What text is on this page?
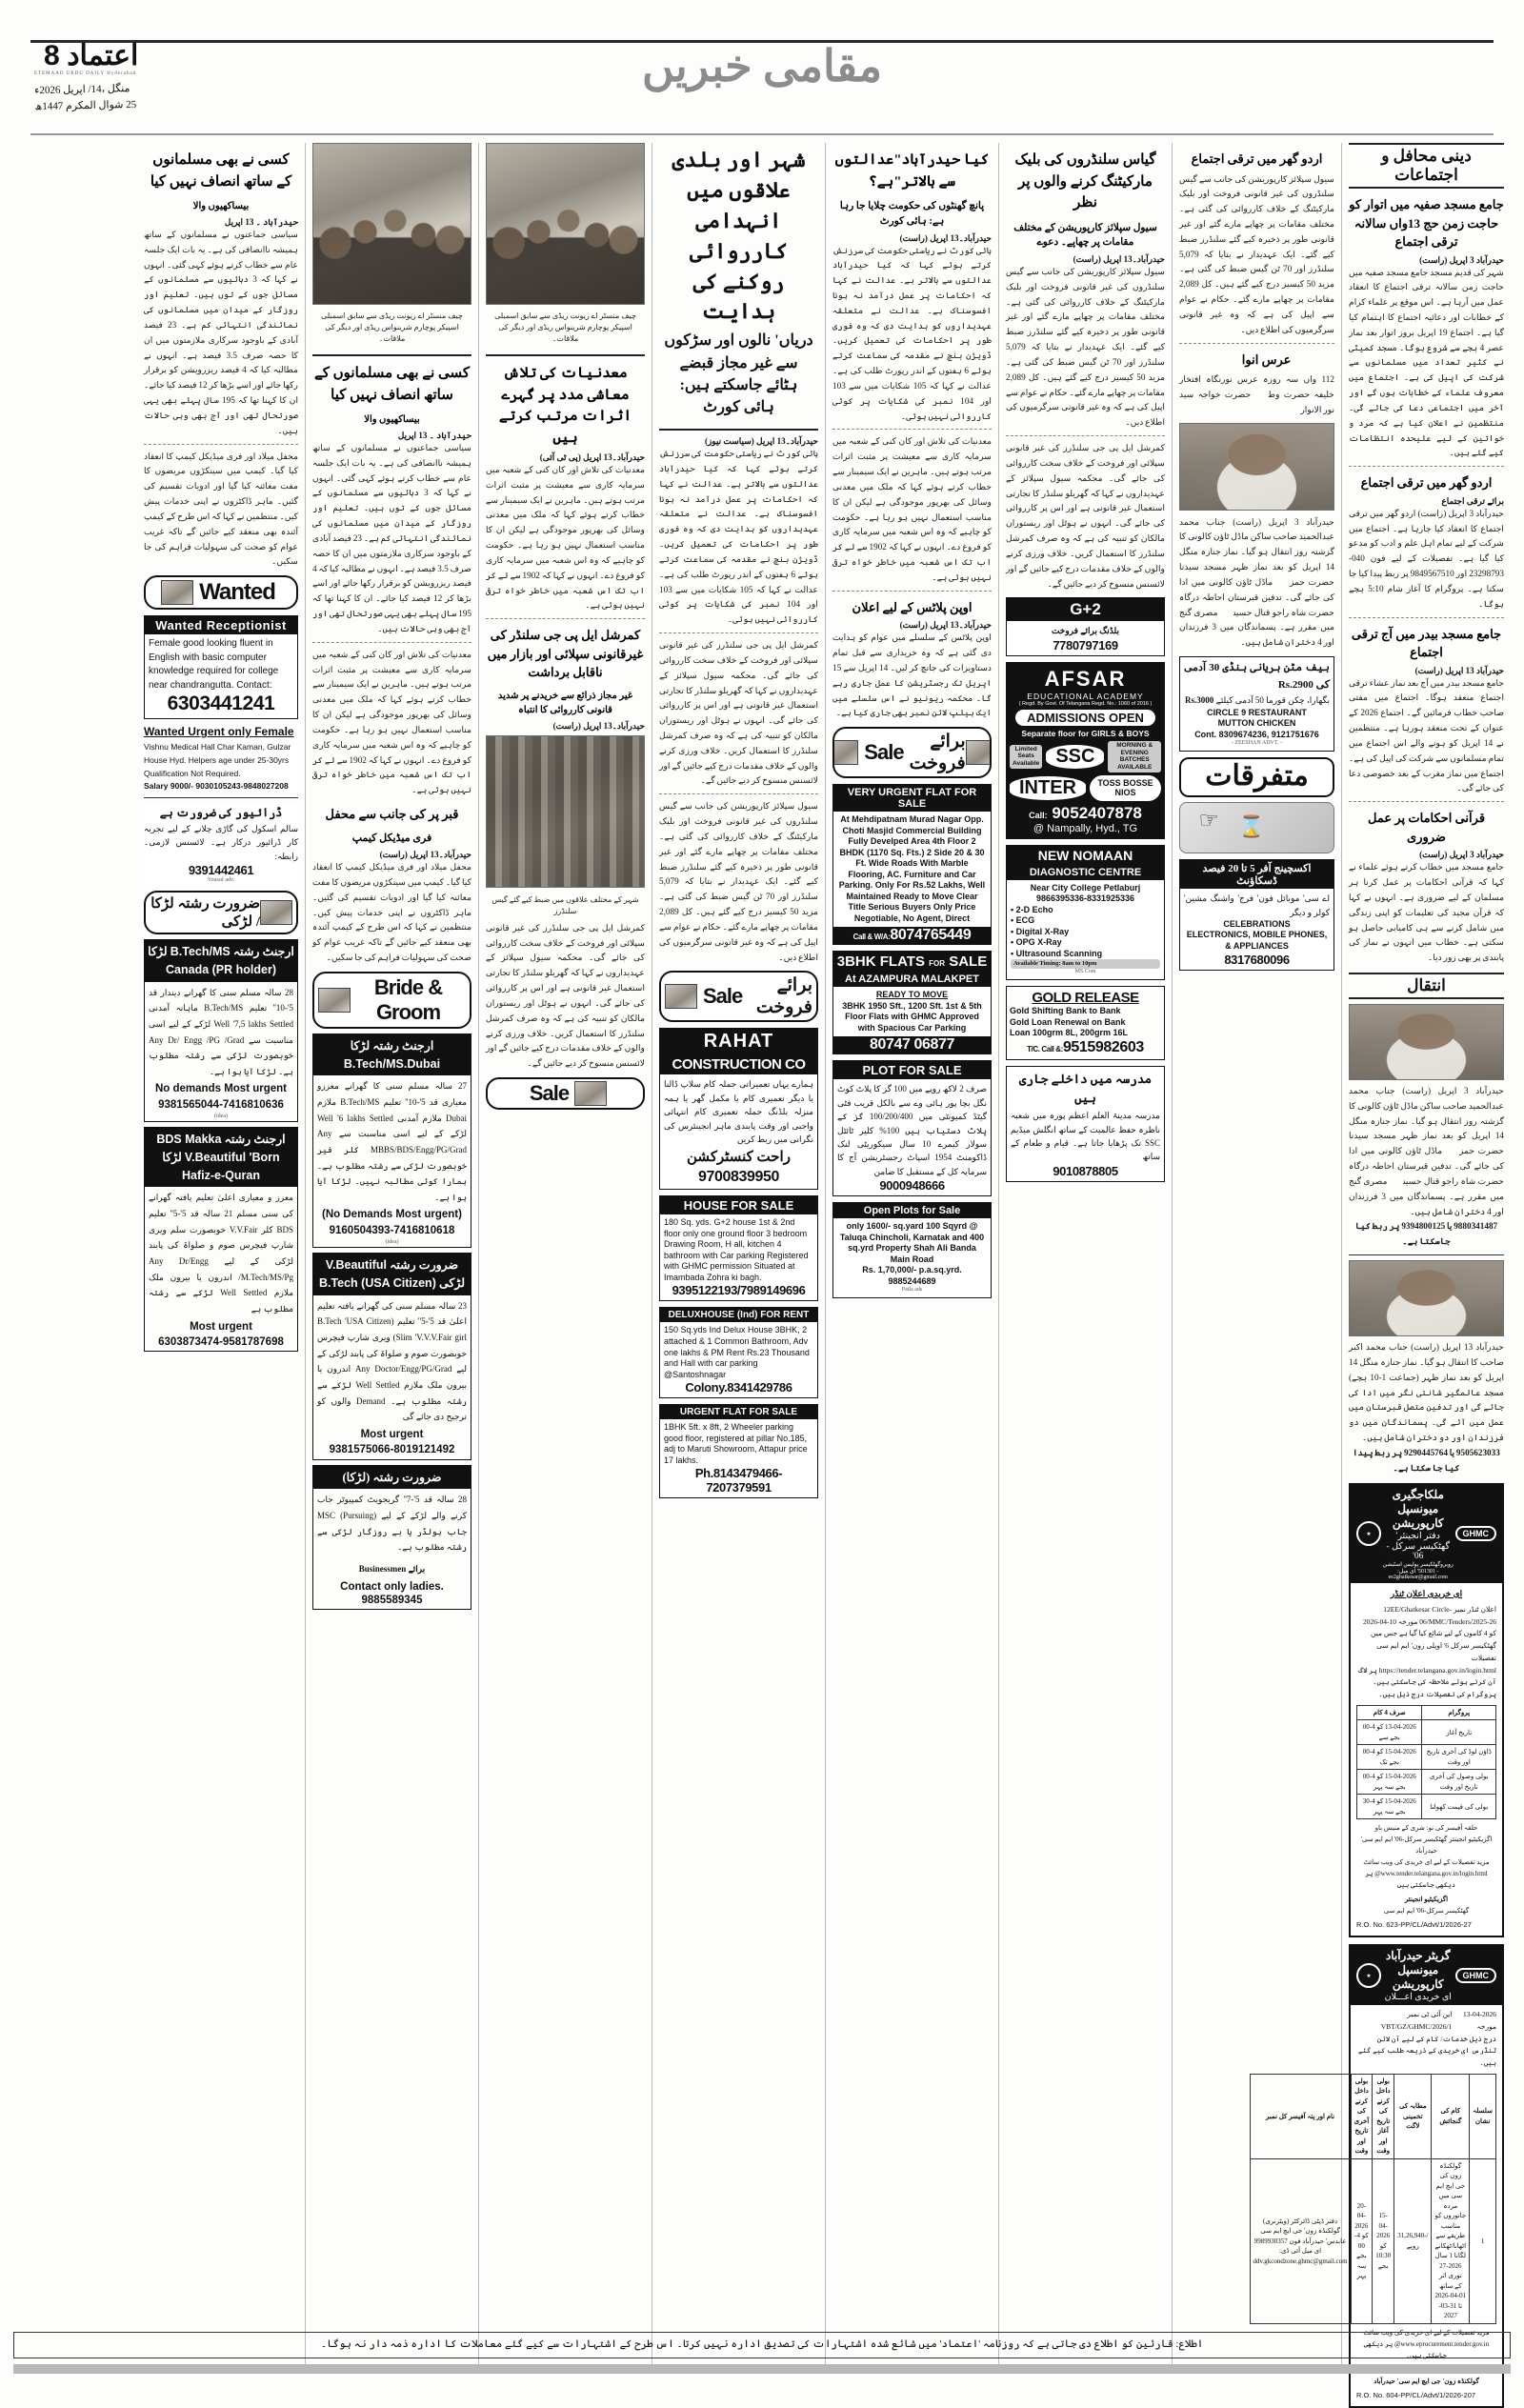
اعتماد 8
ETEMAAD URDU DAILY Hyderabad
منگل ،14/ اپریل 2026ء
25 شوال المکرم 1447ھ
مقامی خبریں
دینی محافل و اجتماعات
جامع مسجد صفیہ میں اتوار کو حاجت زمن حج 13واں سالانہ ترقی اجتماع
حیدرآباد 3 اپریل (راست)
شہر کی قدیم مسجد جامع مسجد صفیہ میں حاجت زمن سالانہ ترقی اجتماع کا انعقاد عمل میں آرہا ہے۔ اس موقع پر علماء کرام کے خطابات اور دعائیہ اجتماع کا اہتمام کیا گیا ہے۔ اجتماع 19 اپریل بروز اتوار بعد نماز عصر 4 بجے سے شروع ہوگا۔ مسجد کمیٹی نے کثیر تعداد میں مسلمانوں سے شرکت کی اپیل کی ہے۔ اجتماع میں معروف علماء کے خطابات ہوں گے اور آخر میں اجتماعی دعا کی جائے گی۔ منتظمین نے اعلان کیا ہے کہ مرد و خواتین کے لیے علیحدہ انتظامات کیے گئے ہیں۔
اردو گھر میں ترقی اجتماع
برائے ترقی اجتماع
حیدرآباد 3 اپریل (راست) اردو گھر میں ترقی اجتماع کا انعقاد کیا جارہا ہے۔ اجتماع میں شرکت کے لیے تمام اہل علم و ادب کو مدعو کیا گیا ہے۔ تفصیلات کے لیے فون 040-23298793 اور 9849567510 پر ربط پیدا کیا جا سکتا ہے۔ پروگرام کا آغاز شام 5:10 بجے ہوگا۔
جامع مسجد بیدر میں آج ترقی اجتماع
حیدرآباد 13 اپریل (راست)
جامع مسجد بیدر میں آج بعد نماز عشاء ترقی اجتماع منعقد ہوگا۔ اجتماع میں مفتی صاحب خطاب فرمائیں گے۔ اجتماع 2026 کے عنوان کے تحت منعقد ہورہا ہے۔ منتظمین نے 14 اپریل کو ہونے والے اس اجتماع میں تمام مسلمانوں سے شرکت کی اپیل کی ہے۔ اجتماع میں نماز مغرب کے بعد خصوصی دعا کی جائے گی۔
قرآنی احکامات پر عمل ضروری
حیدرآباد 3 اپریل (راست)
جامع مسجد میں خطاب کرتے ہوئے علماء نے کہا کہ قرآنی احکامات پر عمل کرنا ہر مسلمان کے لیے ضروری ہے۔ انہوں نے کہا کہ قرآن مجید کی تعلیمات کو اپنی زندگی میں شامل کرنے سے ہی کامیابی حاصل ہو سکتی ہے۔ خطاب میں انہوں نے نماز کی پابندی پر بھی زور دیا۔
انتقال
حیدرآباد 3 اپریل (راست) جناب محمد عبدالحمید صاحب ساکن ماڈل ٹاؤن کالونی کا گزشتہ روز انتقال ہو گیا۔ نماز جنازہ منگل 14 اپریل کو بعد نماز ظہر مسجد سیدنا حضرت حمزہؓ ماڈل ٹاؤن کالونی میں ادا کی جائے گی۔ تدفین قبرستان احاطہ درگاہ حضرت شاہ راجو قتال حسینیؒ مصری گنج میں مقرر ہے۔ پسماندگان میں 3 فرزندان اور 4 دختران شامل ہیں۔
9880341487 یا 9394800125 پر ربط کیا جاسکتا ہے۔
حیدرآباد 13 اپریل (راست) جناب محمد اکبر صاحب کا انتقال ہو گیا۔ نماز جنازہ منگل 14 اپریل کو بعد نماز ظہر (جماعت 1-10 بجے) مسجد عالمگیر شانتی نگر میں ادا کی جائے گی اور تدفین متصل قبرستان میں عمل میں آئے گی۔ پسماندگان میں دو فرزندان اور دو دختران شامل ہیں۔
9505623033 یا 9290445764 پر ربط پیدا کیا جا سکتا ہے۔
★
ملکاجگیری میونسپل کارپوریشن
دفتر انجینئر' گھٹکیسر سرکل - 06'
روبروگھٹکیسر پولیس اسٹیشن - 501301' ای میل: ee2ghatkesar@gmail.com
GHMC
ای خریدی اعلان ٹنڈر
اعلان ٹنڈر نمبر 12EE/Ghatkesar Circle-06/MMC/Tenders/2025-26 مورخہ 10-04-2026 کو 4 کاموں کے لیے شائع کیا گیا ہے جس میں گھٹکیسر سرکل 6' اوپلی زون' ایم ایم سی تفصیلات https://tender.telangana.gov.in/login.html پر لاگ آن کرتے ہوئے ملاحظہ کی جاسکتی ہیں۔ پروگرام کی تفصیلات درج ذیل ہیں۔
پروگرام	صرف 4 کام
تاریخ آغاز	13-04-2026 کو 4-00 بجے سے
ڈاؤن لوڈ کی آخری تاریخ اور وقت	15-04-2026 کو 4-00 بجے تک
بولی وصول کی آخری تاریخ اور وقت	15-04-2026 کو 4-00 بجے سہ پہر
بولی کی قیمت کھولنا	15-04-2026 کو 4-30 بجے سہ پہر
حلقہ آفیسر کی نو: شری کے منیش باو
اگزیکیٹیو انجینئر گھٹکیسر سرکل-06' ایم ایم سی' حیدرآباد
مزید تفصیلات کے لیے ای خریدی کی ویب سائٹ www.tender.telangana.gov.in/login.html@ پر دیکھی جاسکتی ہیں
اگزیکیٹیو انجینئر
گھٹکیسر سرکل-06' ایم ایم سی
R.O. No. 623-PP/CL/Advt/1/2026-27
★
گریٹر حیدرآباد میونسپل کارپوریشن
ای خریدی اعـــلان
GHMC
13-04-2026 مورخہ
این آئی ٹی نمبر 1/VBT/GZ/GHMC/2026
درج ذیل خدمات/ کام کے لیے آن لائن ٹنڈرس ای خریدی کے ذریعہ طلب کیے گئے ہیں۔
سلسلہ نشان	کام کی گنجائش	مطابہ کی تخمینی لاگت	بولی داخل کرنے کی تاریخ آغاز اور وقت	بولی داخل کرنے کی آخری تاریخ اور وقت	نام اور پتہ آفیسر کل نمبر
1	گولکنڈہ زون کی جی ایچ ایم سی میں مردہ جانوروں کو مناسب طریقے سے اٹھانا/ٹھکانے لگانا 1 سال 2026-27 نوری اثر کے ساتھ 01-04-2026 تا 31-03-2027	/-31,26,940 روپے	15-04-2026 کو 10:30 بجے	20-04-2026 کو 4-00 بجے سہ پہر	دفتر ڈپٹی ڈائرکٹر (ویٹرنری) گولکنڈہ زون' جی ایچ ایم سی عابدس' حیدرآباد فون 9989930357 ای میل آئی ڈی: ddv.gkcondzone.ghmc@gmail.com
مزید تفصیلات کے لیے ای خریدی کی ویب سائٹ www.eprocurement.tender.gov.in@ پر دیکھی جاسکتی ہیں۔
گولکنڈہ زون' جی ایچ ایم سی' حیدرآباد
R.O. No. 604-PP/CL/Advt/1/2026-207
اردو گھر میں ترقی اجتماع
سیول سپلائز کارپوریشن کی جانب سے گیس سلنڈروں کی غیر قانونی فروخت اور بلیک مارکیٹنگ کے خلاف کارروائی کی گئی ہے۔ مختلف مقامات پر چھاپے مارے گئے اور غیر قانونی طور پر ذخیرہ کیے گئے سلنڈرز ضبط کیے گئے۔ ایک عہدیدار نے بتایا کہ 5,079 سلنڈرز اور 70 ٹن گیس ضبط کی گئی ہے۔ مزید 50 کیسیز درج کیے گئے ہیں۔ کل 2,089 مقامات پر چھاپے مارے گئے۔ حکام نے عوام سے اپیل کی ہے کہ وہ غیر قانونی سرگرمیوں کی اطلاع دیں۔
عرس انوارؓ
112 واں سہ روزہ عرس نورنگاہ افتخار خلیفہ حضرت وطنؒ حضرت خواجہ سید نور الانوار
حیدرآباد 3 اپریل (راست) جناب محمد عبدالحمید صاحب ساکن ماڈل ٹاؤن کالونی کا گزشتہ روز انتقال ہو گیا۔ نماز جنازہ منگل 14 اپریل کو بعد نماز ظہر مسجد سیدنا حضرت حمزہؓ ماڈل ٹاؤن کالونی میں ادا کی جائے گی۔ تدفین قبرستان احاطہ درگاہ حضرت شاہ راجو قتال حسینیؒ مصری گنج میں مقرر ہے۔ پسماندگان میں 3 فرزندان اور 4 دختران شامل ہیں۔
بیف مٹن بریانی ہنڈی 30 آدمی کی Rs.2900
بگھارا، چکن قورما 50 آدمی کیلئے Rs.3000
CIRCLE 9 RESTAURANT
MUTTON CHICKEN
Cont. 8309674236, 9121751676
- ZEESHAN ADVT. -
متفرقات
☞ ⌛
اکسچینج آفر 5 تا 20 فیصد ڈسکاؤنٹ
اے سی' موبائل فون' فرج' واشنگ مشین' کولر و دیگر
CELEBRATIONS
ELECTRONICS, MOBILE PHONES, & APPLIANCES
8317680096
گیاس سلنڈروں کی بلیک مارکیٹنگ کرنے والوں پر نظر
سیول سپلائز کارپوریشن کے مختلف مقامات پر چھاپے۔ دعوے
حیدرآباد۔13 اپریل (راست)
سیول سپلائز کارپوریشن کی جانب سے گیس سلنڈروں کی غیر قانونی فروخت اور بلیک مارکیٹنگ کے خلاف کارروائی کی گئی ہے۔ مختلف مقامات پر چھاپے مارے گئے اور غیر قانونی طور پر ذخیرہ کیے گئے سلنڈرز ضبط کیے گئے۔ ایک عہدیدار نے بتایا کہ 5,079 سلنڈرز اور 70 ٹن گیس ضبط کی گئی ہے۔ مزید 50 کیسیز درج کیے گئے ہیں۔ کل 2,089 مقامات پر چھاپے مارے گئے۔ حکام نے عوام سے اپیل کی ہے کہ وہ غیر قانونی سرگرمیوں کی اطلاع دیں۔
کمرشل ایل پی جی سلنڈرز کی غیر قانونی سپلائی اور فروخت کے خلاف سخت کارروائی کی جائے گی۔ محکمہ سیول سپلائز کے عہدیداروں نے کہا کہ گھریلو سلنڈر کا تجارتی استعمال غیر قانونی ہے اور اس پر کارروائی کی جائے گی۔ انہوں نے ہوٹل اور ریستوران مالکان کو تنبیہ کی ہے کہ وہ صرف کمرشل سلنڈرز کا استعمال کریں۔ خلاف ورزی کرنے والوں کے خلاف مقدمات درج کیے جائیں گے اور لائسنس منسوخ کر دیے جائیں گے۔
G+2
بلڈنگ برائے فروخت
7780797169
AFSAR
EDUCATIONAL ACADEMY
( Regd. By Govt. Of Telangana Regd. No.: 1060 of 2016 )
ADMISSIONS OPEN
Separate floor for GIRLS & BOYS
Limited Seats Available SSC
MORNING & EVENING BATCHES AVAILABLE
INTER	TOSS BOSSE NIOS
Call: 9052407878
@ Nampally, Hyd., TG
NEW NOMAAN
DIAGNOSTIC CENTRE
Near City College Petlaburj
9866395336-8331925336
• 2-D Echo
• ECG
• Digital X-Ray
• OPG X-Ray
• Ultrasound Scanning
Available Timing: 8am to 10pm
MS.Com
GOLD RELEASE
Gold Shifting Bank to Bank
Gold Loan Renewal on Bank
Loan 100grm 8L, 200grm 16L
T/C. Call &:9515982603
مدرسہ میں داخلے جاری ہیں
مدرسہ مدینۃ العلم اعظم پورہ میں شعبہ ناظرہ حفظ عالمیت کے ساتھ انگلش میڈیم SSC تک پڑھایا جاتا ہے۔ قیام و طعام کے ساتھ
9010878805
کیا حیدرآباد"عدالتوں سے بالاتر"ہے؟
پانچ گھنٹوں کی حکومت چلایا جا رہا ہے: ہائی کورٹ
حیدرآباد۔13 اپریل (راست)
ہائی کورٹ نے ریاستی حکومت کی سرزنش کرتے ہوئے کہا کہ کیا حیدرآباد عدالتوں سے بالاتر ہے۔ عدالت نے کہا کہ احکامات پر عمل درآمد نہ ہونا افسوسناک ہے۔ عدالت نے متعلقہ عہدیداروں کو ہدایت دی کہ وہ فوری طور پر احکامات کی تعمیل کریں۔ ڈویژن بنچ نے مقدمہ کی سماعت کرتے ہوئے 6 ہفتوں کے اندر رپورٹ طلب کی ہے۔ عدالت نے کہا کہ 105 شکایات میں سے 103 اور 104 نمبر کی شکایات پر کوئی کارروائی نہیں ہوئی۔
معدنیات کی تلاش اور کان کنی کے شعبہ میں سرمایہ کاری سے معیشت پر مثبت اثرات مرتب ہوتے ہیں۔ ماہرین نے ایک سیمینار سے خطاب کرتے ہوئے کہا کہ ملک میں معدنی وسائل کی بھرپور موجودگی ہے لیکن ان کا مناسب استعمال نہیں ہو رہا ہے۔ حکومت کو چاہیے کہ وہ اس شعبہ میں سرمایہ کاری کو فروغ دے۔ انہوں نے کہا کہ 1902 سے لے کر اب تک اس شعبہ میں خاطر خواہ ترقی نہیں ہوئی ہے۔
اوپن پلاٹس کے لیے اعلان
حیدرآباد۔13 اپریل (راست)
اوپن پلاٹس کے سلسلے میں عوام کو ہدایت دی گئی ہے کہ وہ خریداری سے قبل تمام دستاویزات کی جانچ کر لیں۔ 14 اپریل سے 15 اپریل تک رجسٹریشن کا عمل جاری رہے گا۔ محکمہ ریونیو نے اس سلسلے میں ایک ہیلپ لائن نمبر بھی جاری کیا ہے۔
Sale	برائے فروخت
VERY URGENT FLAT FOR SALE
At Mehdipatnam Murad Nagar Opp. Choti Masjid Commercial Building Fully Develped Area 4th Floor 2 BHDK (1170 Sq. Fts.) 2 Side 20 & 30 Ft. Wide Roads With Marble Flooring, AC. Furniture and Car Parking. Only For Rs.52 Lakhs, Well Maintained Ready to Move Clear Title Serious Buyers Only Price Negotiable, No Agent, Direct
Call & W/A:8074765449
3BHK FLATS FOR SALE
At AZAMPURA MALAKPET
READY TO MOVE
3BHK 1950 Sft., 1200 Sft. 1st & 5th Floor Flats with GHMC Approved with Spacious Car Parking
80747 06877
PLOT FOR SALE
صرف 2 لاکھ روپے میں 100 گز کا پلاٹ کوٹ نگل بچا پور ہائی وے سے بالکل قریب فٹی گیٹڈ کمیونٹی میں 100/200/400 گز کے پلاٹ دستیاب ہیں 100% کلیر ٹائٹل سولار کیمرے 10 سال سیکوریٹی لنک ڈاکومنٹ 1954 اسپاٹ رجسٹریشن آج کا سرمایہ کل کے مستقبل کا ضامن
9000948666
Open Plots for Sale
only 1600/- sq.yard 100 Sqyrd @ Taluqa Chincholi, Karnatak and 400 sq.yrd Property Shah Ali Banda Main Road
Rs. 1,70,000/- p.a.sq.yrd. 9885244689
Patla ads
شہر اور بلدی علاقوں میں انہدامی کارروائی روکنے کی ہدایت
دریاں' نالوں اور سڑکوں سے غیر مجاز قبضے ہٹائے جاسکتے ہیں: ہائی کورٹ
حیدرآباد۔13 اپریل (سیاست نیوز)
ہائی کورٹ نے ریاستی حکومت کی سرزنش کرتے ہوئے کہا کہ کیا حیدرآباد عدالتوں سے بالاتر ہے۔ عدالت نے کہا کہ احکامات پر عمل درآمد نہ ہونا افسوسناک ہے۔ عدالت نے متعلقہ عہدیداروں کو ہدایت دی کہ وہ فوری طور پر احکامات کی تعمیل کریں۔ ڈویژن بنچ نے مقدمہ کی سماعت کرتے ہوئے 6 ہفتوں کے اندر رپورٹ طلب کی ہے۔ عدالت نے کہا کہ 105 شکایات میں سے 103 اور 104 نمبر کی شکایات پر کوئی کارروائی نہیں ہوئی۔
کمرشل ایل پی جی سلنڈرز کی غیر قانونی سپلائی اور فروخت کے خلاف سخت کارروائی کی جائے گی۔ محکمہ سیول سپلائز کے عہدیداروں نے کہا کہ گھریلو سلنڈر کا تجارتی استعمال غیر قانونی ہے اور اس پر کارروائی کی جائے گی۔ انہوں نے ہوٹل اور ریستوران مالکان کو تنبیہ کی ہے کہ وہ صرف کمرشل سلنڈرز کا استعمال کریں۔ خلاف ورزی کرنے والوں کے خلاف مقدمات درج کیے جائیں گے اور لائسنس منسوخ کر دیے جائیں گے۔
سیول سپلائز کارپوریشن کی جانب سے گیس سلنڈروں کی غیر قانونی فروخت اور بلیک مارکیٹنگ کے خلاف کارروائی کی گئی ہے۔ مختلف مقامات پر چھاپے مارے گئے اور غیر قانونی طور پر ذخیرہ کیے گئے سلنڈرز ضبط کیے گئے۔ ایک عہدیدار نے بتایا کہ 5,079 سلنڈرز اور 70 ٹن گیس ضبط کی گئی ہے۔ مزید 50 کیسیز درج کیے گئے ہیں۔ کل 2,089 مقامات پر چھاپے مارے گئے۔ حکام نے عوام سے اپیل کی ہے کہ وہ غیر قانونی سرگرمیوں کی اطلاع دیں۔
Sale	برائے فروخت
RAHAT
CONSTRUCTION CO
ہمارے یہاں تعمیراتی جملہ کام سلاپ ڈالنا یا دیگر تعمیری کام یا مکمل گھر یا ہمہ منزلہ بلڈنگ جملہ تعمیری کام انتہائی واجبی اور وقت پابندی ماہر انجینئرس کی نگرانی میں ربط کریں
راحت کنسٹرکشن
9700839950
HOUSE FOR SALE
180 Sq. yds. G+2 house 1st & 2nd floor only one ground floor 3 bedroom Drawing Room, H all, kitchen 4 bathroom with Car parking Registered with GHMC permission Situated at Imambada Zohra ki bagh.
9395122193/7989149696
DELUXHOUSE (Ind) FOR RENT
150 Sq.yds Ind Delux House 3BHK, 2 attached & 1 Common Bathroom, Adv one lakhs & PM Rent Rs.23 Thousand and Hall with car parking @Santoshnagar
Colony.8341429786
URGENT FLAT FOR SALE
1BHK 5ft. x 8ft, 2 Wheeler parking good floor, registered at pillar No.185, adj to Maruti Showroom, Attapur price 17 lakhs.
Ph.8143479466-7207379591
چیف منسٹر اے ریونت ریڈی سے سابق اسمبلی اسپیکر پوچارم شرینواس ریڈی اور دیگر کی ملاقات۔
معدنیات کی تلاش معاشی مدد پر گہرے اثرات مرتب کرتے ہیں
حیدرآباد۔13 اپریل (پی ٹی آئی)
معدنیات کی تلاش اور کان کنی کے شعبہ میں سرمایہ کاری سے معیشت پر مثبت اثرات مرتب ہوتے ہیں۔ ماہرین نے ایک سیمینار سے خطاب کرتے ہوئے کہا کہ ملک میں معدنی وسائل کی بھرپور موجودگی ہے لیکن ان کا مناسب استعمال نہیں ہو رہا ہے۔ حکومت کو چاہیے کہ وہ اس شعبہ میں سرمایہ کاری کو فروغ دے۔ انہوں نے کہا کہ 1902 سے لے کر اب تک اس شعبہ میں خاطر خواہ ترقی نہیں ہوئی ہے۔
کمرشل ایل پی جی سلنڈر کی غیرقانونی سپلائی اور بازار میں ناقابل برداشت
غیر مجاز ذرائع سے خریدنے پر شدید قانونی کارروائی کا انتباہ
حیدرآباد۔13 اپریل (راست)
شہر کے مختلف علاقوں میں ضبط کیے گئے گیس سلنڈرز
کمرشل ایل پی جی سلنڈرز کی غیر قانونی سپلائی اور فروخت کے خلاف سخت کارروائی کی جائے گی۔ محکمہ سیول سپلائز کے عہدیداروں نے کہا کہ گھریلو سلنڈر کا تجارتی استعمال غیر قانونی ہے اور اس پر کارروائی کی جائے گی۔ انہوں نے ہوٹل اور ریستوران مالکان کو تنبیہ کی ہے کہ وہ صرف کمرشل سلنڈرز کا استعمال کریں۔ خلاف ورزی کرنے والوں کے خلاف مقدمات درج کیے جائیں گے اور لائسنس منسوخ کر دیے جائیں گے۔
Sale
چیف منسٹر اے ریونت ریڈی سے سابق اسمبلی اسپیکر پوچارم شرینواس ریڈی اور دیگر کی ملاقات۔
کسی نے بھی مسلمانوں کے ساتھ انصاف نہیں کیا
بیساکھیوں والا
حیدرآباد ۔ 13 اپریل
سیاسی جماعتوں نے مسلمانوں کے ساتھ ہمیشہ ناانصافی کی ہے۔ یہ بات ایک جلسہ عام سے خطاب کرتے ہوئے کہی گئی۔ انہوں نے کہا کہ 3 دہائیوں سے مسلمانوں کے مسائل جوں کے توں ہیں۔ تعلیم اور روزگار کے میدان میں مسلمانوں کی نمائندگی انتہائی کم ہے۔ 23 فیصد آبادی کے باوجود سرکاری ملازمتوں میں ان کا حصہ صرف 3.5 فیصد ہے۔ انہوں نے مطالبہ کیا کہ 4 فیصد ریزرویشن کو برقرار رکھا جائے اور اسے بڑھا کر 12 فیصد کیا جائے۔ ان کا کہنا تھا کہ 195 سال پہلے بھی یہی صورتحال تھی اور آج بھی وہی حالات ہیں۔
معدنیات کی تلاش اور کان کنی کے شعبہ میں سرمایہ کاری سے معیشت پر مثبت اثرات مرتب ہوتے ہیں۔ ماہرین نے ایک سیمینار سے خطاب کرتے ہوئے کہا کہ ملک میں معدنی وسائل کی بھرپور موجودگی ہے لیکن ان کا مناسب استعمال نہیں ہو رہا ہے۔ حکومت کو چاہیے کہ وہ اس شعبہ میں سرمایہ کاری کو فروغ دے۔ انہوں نے کہا کہ 1902 سے لے کر اب تک اس شعبہ میں خاطر خواہ ترقی نہیں ہوئی ہے۔
قبر پر کی جانب سے محفل
فری میڈیکل کیمپ
حیدرآباد۔13 اپریل (راست)
محفل میلاد اور فری میڈیکل کیمپ کا انعقاد کیا گیا۔ کیمپ میں سینکڑوں مریضوں کا مفت معائنہ کیا گیا اور ادویات تقسیم کی گئیں۔ ماہر ڈاکٹروں نے اپنی خدمات پیش کیں۔ منتظمین نے کہا کہ اس طرح کے کیمپ آئندہ بھی منعقد کیے جائیں گے تاکہ غریب عوام کو صحت کی سہولیات فراہم کی جا سکیں۔
Bride & Groom
ارجنٹ رشتہ لڑکا B.Tech/MS.Dubai
27 سالہ مسلم سنی کا گھرانے معززو معیاری قد 5'-10'' تعلیم B.Tech/MS ملازم Dubai ملازم آمدنی Well '6 lakhs Settled لڑکے کے لیے اسی مناسبت سے Any MBBS/BDS/Engg/PG/Grad کلر فیر خوبصورت لڑکی سے رشتہ مطلوب ہے۔ ہمارا کوئی مطالبہ نہیں۔ لڑکا آیا ہوا ہے۔
(No Demands Most urgent)
9160504393-7416810618
(idea)
ضرورت رشتہ V.Beautiful لڑکی B.Tech (USA Citizen)
23 سالہ مسلم سنی کی گھرانے یافتہ تعلیم اعلیٰ قد 5'-5'' تعلیم B.Tech 'USA Citizen) Slim 'V.V.V.Fair girl) ویری شارپ فیچرس خوبصورت صوم و صلواۃ کی پابند لڑکی کے لیے Any Doctor/Engg/PG/Grad اندرون یا بیرون ملک ملازم Well Settled لڑکے سے رشتہ مطلوب ہے۔ Demand والوں کو ترجیح دی جائے گی
Most urgent
9381575066-8019121492
ضرورت رشتہ (لڑکا)
28 سالہ قد 5'-7'' گریجویٹ کمپیوٹر جاب کرنے والے لڑکے کے لیے MSC (Pursuing) جاب ہولڈر یا بے روزگار لڑکی سے رشتہ مطلوب ہے۔
برائے Businessmen
Contact only ladies. 9885589345
کسی نے بھی مسلمانوں کے ساتھ انصاف نہیں کیا
بیساکھیوں والا
حیدرآباد ۔ 13 اپریل
سیاسی جماعتوں نے مسلمانوں کے ساتھ ہمیشہ ناانصافی کی ہے۔ یہ بات ایک جلسہ عام سے خطاب کرتے ہوئے کہی گئی۔ انہوں نے کہا کہ 3 دہائیوں سے مسلمانوں کے مسائل جوں کے توں ہیں۔ تعلیم اور روزگار کے میدان میں مسلمانوں کی نمائندگی انتہائی کم ہے۔ 23 فیصد آبادی کے باوجود سرکاری ملازمتوں میں ان کا حصہ صرف 3.5 فیصد ہے۔ انہوں نے مطالبہ کیا کہ 4 فیصد ریزرویشن کو برقرار رکھا جائے اور اسے بڑھا کر 12 فیصد کیا جائے۔ ان کا کہنا تھا کہ 195 سال پہلے بھی یہی صورتحال تھی اور آج بھی وہی حالات ہیں۔
محفل میلاد اور فری میڈیکل کیمپ کا انعقاد کیا گیا۔ کیمپ میں سینکڑوں مریضوں کا مفت معائنہ کیا گیا اور ادویات تقسیم کی گئیں۔ ماہر ڈاکٹروں نے اپنی خدمات پیش کیں۔ منتظمین نے کہا کہ اس طرح کے کیمپ آئندہ بھی منعقد کیے جائیں گے تاکہ غریب عوام کو صحت کی سہولیات فراہم کی جا سکیں۔
Wanted
Wanted Receptionist
Female good looking fluent in English with basic computer knowledge required for college near chandrangutta. Contact:
6303441241
Wanted Urgent only Female
Vishnu Medical Hall Char Kaman, Gulzar House Hyd. Helpers age under 25-30yrs Qualification Not Required.
Salary 9000/- 9030105243-9848027208
ڈرائیور کی ضرورت ہے
سالم اسکول کی گاڑی چلانے کے لیے تجربہ کار ڈرائیور درکار ہے۔ لائسنس لازمی۔ رابطہ:
9391442461
Yousuf adv.
ضرورت رشتہ لڑکا / لڑکی
ارجنٹ رشتہ B.Tech/MS لڑکا Canada (PR holder)
28 سالہ مسلم سنی کا گھرانے دیندار قد 5'-10'' تعلیم B.Tech/MS ماہانہ آمدنی Well '7,5 lakhs Settled لڑکے کے لیے اسی مناسبت سے Any Dr/ Engg /PG /Grad خوبصورت لڑکی سے رشتہ مطلوب ہے۔ لڑکا آیا ہوا ہے۔
No demands Most urgent
9381565044-7416810636
(idea)
ارجنٹ رشتہ BDS Makka V.Beautiful 'Born لڑکا Hafiz-e-Quran
معزز و معیاری اعلیٰ تعلیم یافتہ گھرانے کی سنی مسلم 21 سالہ قد 5'-5'' تعلیم BDS کلر V.V.Fair خوبصورت سلم ویری شارپ فیچرس صوم و صلواۃ کی پابند لڑکی کے لیے Any Dr/Engg /M.Tech/MS/Pg اندرون یا بیرون ملک ملازم Well Settled لڑکے سے رشتہ مطلوب ہے
Most urgent
6303873474-9581787698
اطلاع: قارئین کو اطلاع دی جاتی ہے کہ روزنامہ 'اعتماد' میں شائع شدہ اشتہارات کی تصدیق ادارہ نہیں کرتا۔ اس طرح کے اشتہارات سے کیے گئے معاملات کا ادارہ ذمہ دار نہ ہوگا۔
